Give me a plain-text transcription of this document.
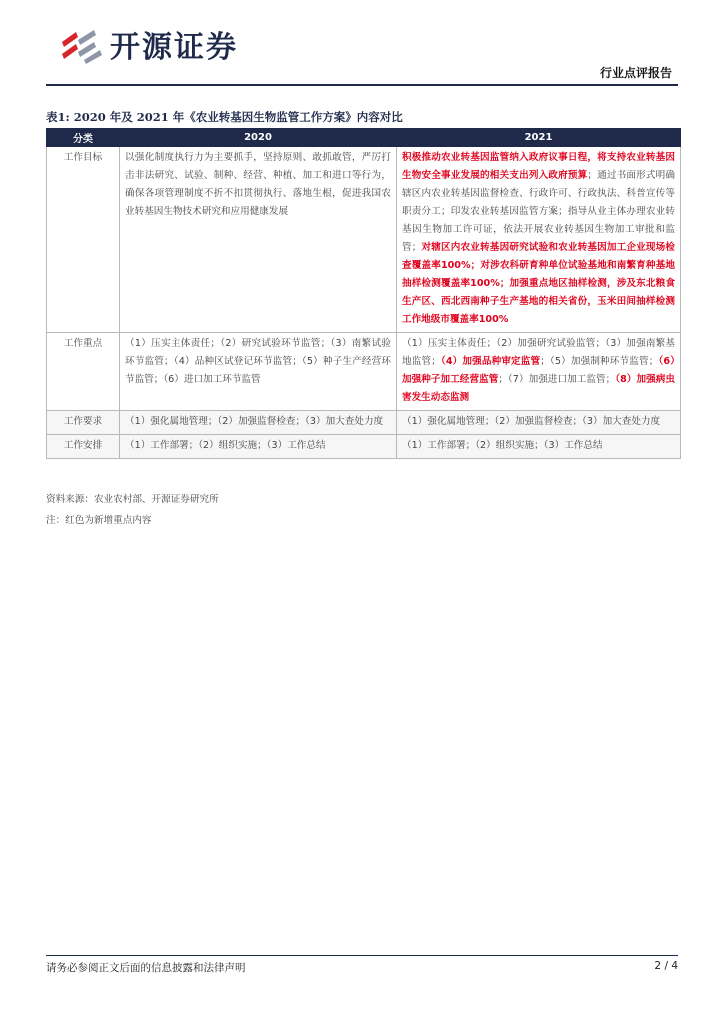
开源证券
行业点评报告
表1: 2020 年及 2021 年《农业转基因生物监管工作方案》内容对比
分类	2020	2021
工作目标	以强化制度执行力为主要抓手，坚持原则、敢抓敢管，严厉打击非法研究、试验、制种、经营、种植、加工和进口等行为，确保各项管理制度不折不扣贯彻执行、落地生根，促进我国农业转基因生物技术研究和应用健康发展	积极推动农业转基因监管纳入政府议事日程，将支持农业转基因生物安全事业发展的相关支出列入政府预算；通过书面形式明确辖区内农业转基因监督检查、行政许可、行政执法、科普宣传等职责分工；印发农业转基因监管方案；指导从业主体办理农业转基因生物加工许可证，依法开展农业转基因生物加工审批和监管；对辖区内农业转基因研究试验和农业转基因加工企业现场检查覆盖率100%；对涉农科研育种单位试验基地和南繁育种基地抽样检测覆盖率100%；加强重点地区抽样检测，涉及东北粮食生产区、西北西南种子生产基地的相关省份，玉米田间抽样检测工作地级市覆盖率100%
工作重点	（1）压实主体责任；（2）研究试验环节监管；（3）南繁试验环节监管；（4）品种区试登记环节监管；（5）种子生产经营环节监管；（6）进口加工环节监管	（1）压实主体责任；（2）加强研究试验监管；（3）加强南繁基地监管；（4）加强品种审定监管；（5）加强制种环节监管；（6）加强种子加工经营监管；（7）加强进口加工监管；（8）加强病虫害发生动态监测
工作要求	（1）强化属地管理；（2）加强监督检查；（3）加大查处力度	（1）强化属地管理；（2）加强监督检查；（3）加大查处力度
工作安排	（1）工作部署；（2）组织实施；（3）工作总结	（1）工作部署；（2）组织实施；（3）工作总结
资料来源：农业农村部、开源证券研究所
注：红色为新增重点内容
请务必参阅正文后面的信息披露和法律声明	2 / 4
